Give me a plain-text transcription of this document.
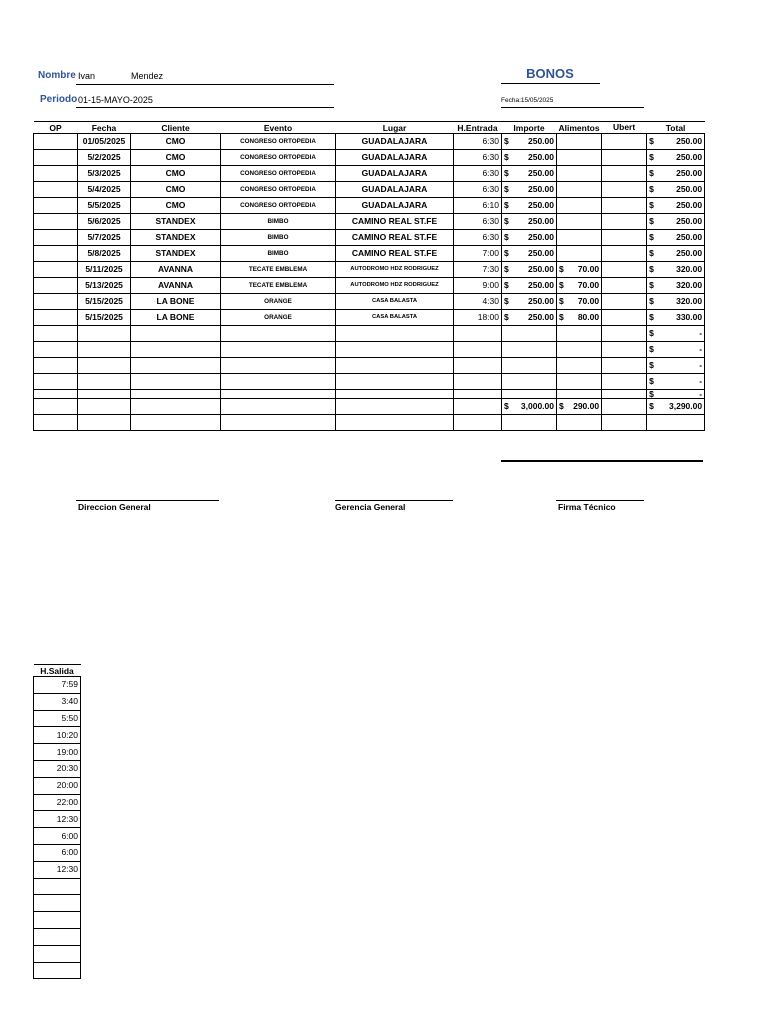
Nombre Ivan	Mendez
Periodo 01-15-MAYO-2025
BONOS
Fecha:15/05/2025
OP	Fecha	Cliente	Evento	Lugar	H.Entrada	Importe	Alimentos	Ubert	Total
	01/05/2025	CMO	CONGRESO ORTOPEDIA	GUADALAJARA	6:30	$ 250.00			$ 250.00

	5/2/2025	CMO	CONGRESO ORTOPEDIA	GUADALAJARA	6:30	$ 250.00			$ 250.00

	5/3/2025	CMO	CONGRESO ORTOPEDIA	GUADALAJARA	6:30	$ 250.00			$ 250.00

	5/4/2025	CMO	CONGRESO ORTOPEDIA	GUADALAJARA	6:30	$ 250.00			$ 250.00

	5/5/2025	CMO	CONGRESO ORTOPEDIA	GUADALAJARA	6:10	$ 250.00			$ 250.00

	5/6/2025	STANDEX	BIMBO	CAMINO REAL ST.FE	6:30	$ 250.00			$ 250.00

	5/7/2025	STANDEX	BIMBO	CAMINO REAL ST.FE	6:30	$ 250.00			$ 250.00

	5/8/2025	STANDEX	BIMBO	CAMINO REAL ST.FE	7:00	$ 250.00			$ 250.00

	5/11/2025	AVANNA	TECATE EMBLEMA	AUTODROMO HDZ RODRIGUEZ	7:30	$ 250.00	$ 70.00		$ 320.00

	5/13/2025	AVANNA	TECATE EMBLEMA	AUTODROMO HDZ RODRIGUEZ	9:00	$ 250.00	$ 70.00		$ 320.00

	5/15/2025	LA BONE	ORANGE	CASA BALASTA	4:30	$ 250.00	$ 70.00		$ 320.00

	5/15/2025	LA BONE	ORANGE	CASA BALASTA	18:00	$ 250.00	$ 80.00		$ 330.00

									$ -

									$ -

									$ -

									$ -

									$ -

						$ 3,000.00	$ 290.00		$ 3,290.00

Direccion General	Gerencia General	Firma Técnico
H.Salida
7:59
3:40
5:50
10:20
19:00
20:30
20:00
22:00
12:30
6:00
6:00
12:30
